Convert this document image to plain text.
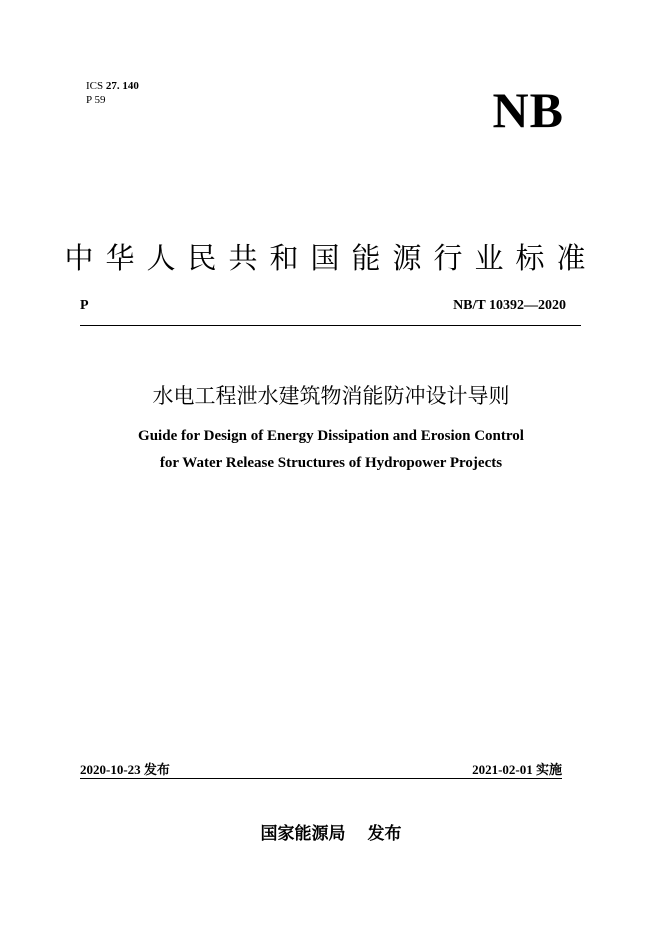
ICS 27. 140
P 59	NB
中华人民共和国能源行业标准
P	NB/T 10392—2020
水电工程泄水建筑物消能防冲设计导则
Guide for Design of Energy Dissipation and Erosion Control
for Water Release Structures of Hydropower Projects
2020-10-23 发布	2021-02-01 实施
国家能源局 发布
